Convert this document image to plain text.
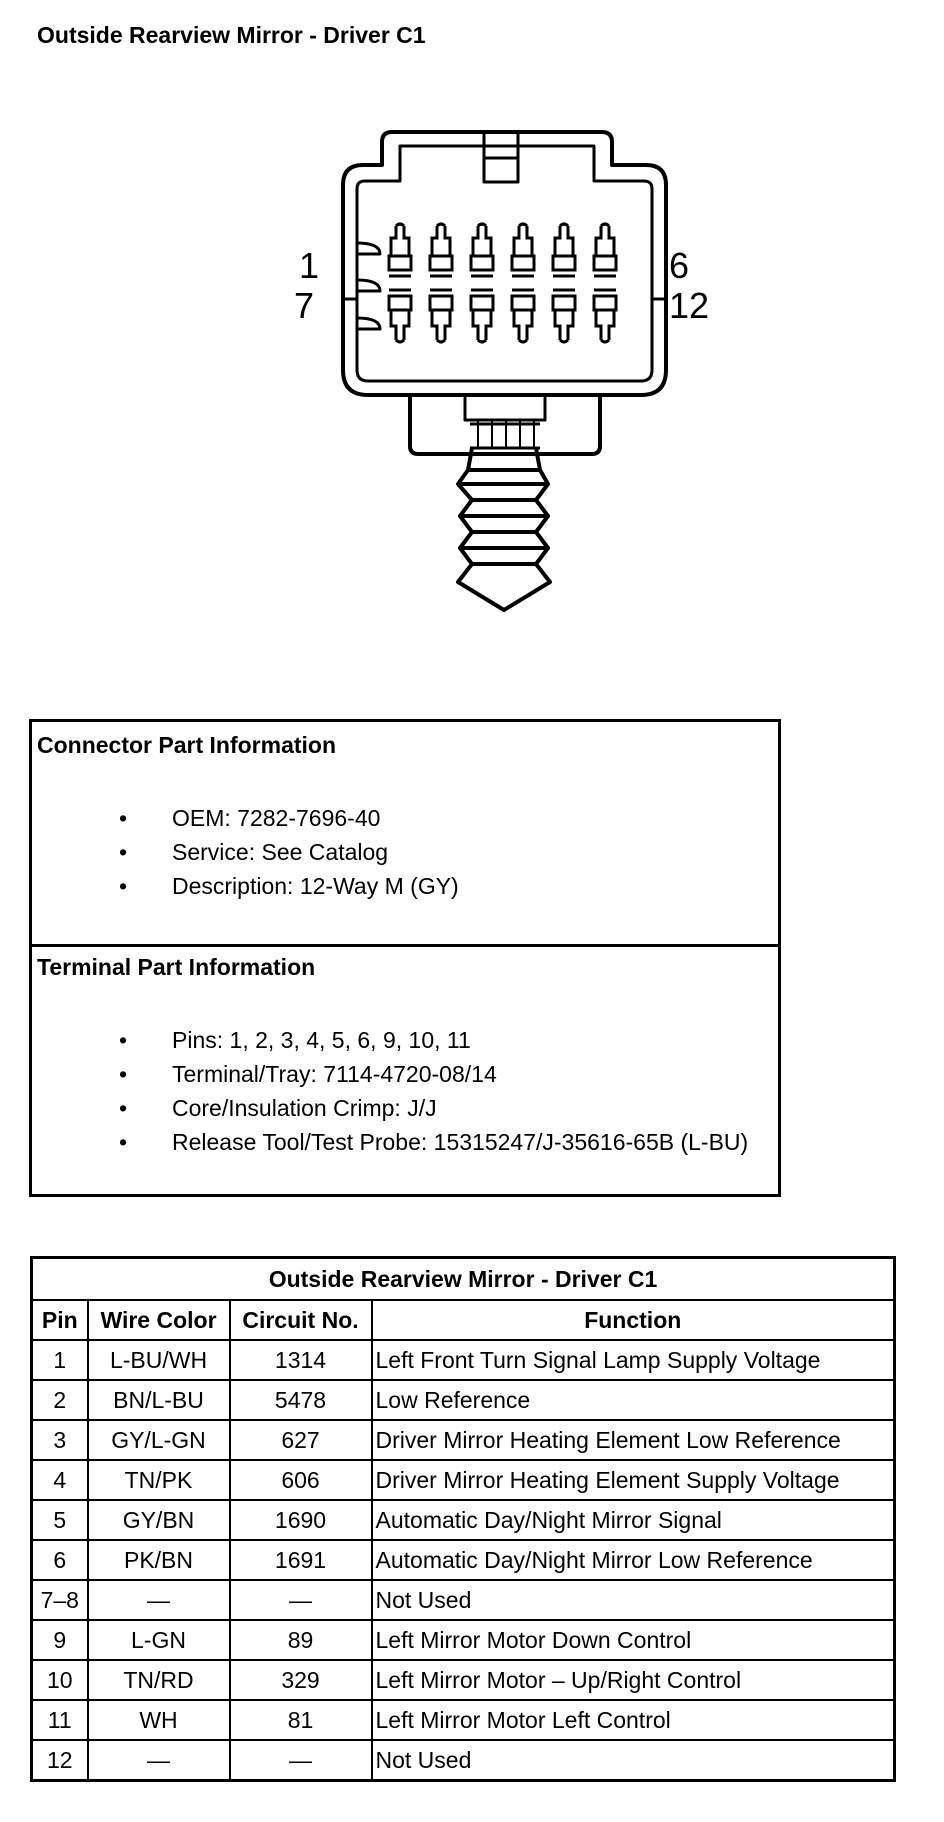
Outside Rearview Mirror - Driver C1
1
7
6
12
Connector Part Information
• OEM: 7282-7696-40
• Service: See Catalog
• Description: 12-Way M (GY)
Terminal Part Information
• Pins: 1, 2, 3, 4, 5, 6, 9, 10, 11
• Terminal/Tray: 7114-4720-08/14
• Core/Insulation Crimp: J/J
• Release Tool/Test Probe: 15315247/J-35616-65B (L-BU)
Outside Rearview Mirror - Driver C1			
Pin	Wire Color	Circuit No.	Function
1	L-BU/WH	1314	Left Front Turn Signal Lamp Supply Voltage
2	BN/L-BU	5478	Low Reference
3	GY/L-GN	627	Driver Mirror Heating Element Low Reference
4	TN/PK	606	Driver Mirror Heating Element Supply Voltage
5	GY/BN	1690	Automatic Day/Night Mirror Signal
6	PK/BN	1691	Automatic Day/Night Mirror Low Reference
7–8	—	—	Not Used
9	L-GN	89	Left Mirror Motor Down Control
10	TN/RD	329	Left Mirror Motor – Up/Right Control
11	WH	81	Left Mirror Motor Left Control
12	—	—	Not Used
